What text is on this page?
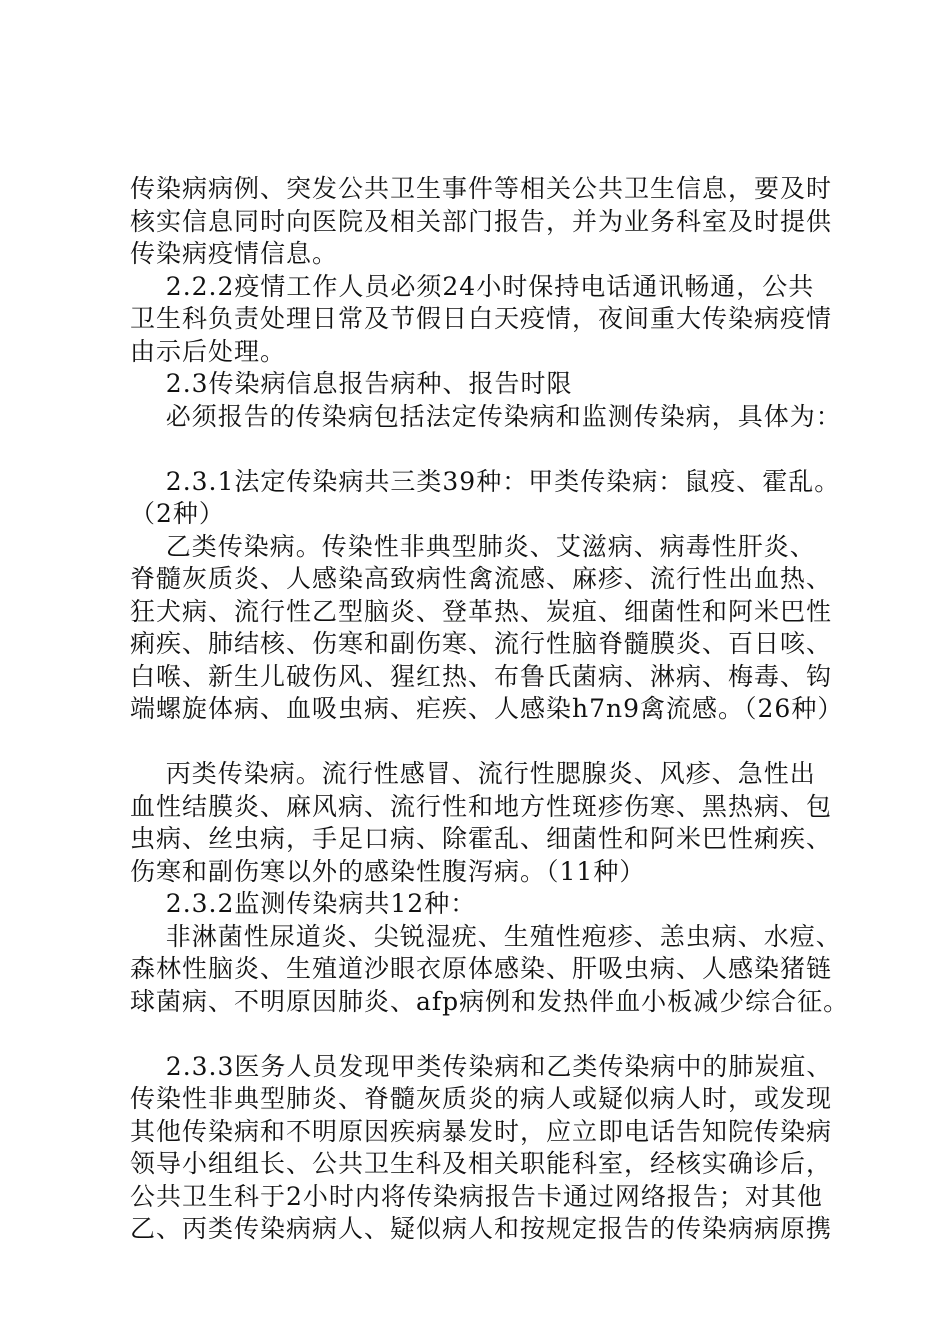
传染病病例、突发公共卫生事件等相关公共卫生信息，要及时
核实信息同时向医院及相关部门报告，并为业务科室及时提供
传染病疫情信息。
2.2.2疫情工作人员必须24小时保持电话通讯畅通，公共
卫生科负责处理日常及节假日白天疫情，夜间重大传染病疫情
由示后处理。
2.3传染病信息报告病种、报告时限
必须报告的传染病包括法定传染病和监测传染病，具体为：
2.3.1法定传染病共三类39种：甲类传染病：鼠疫、霍乱。
（2种）
乙类传染病。传染性非典型肺炎、艾滋病、病毒性肝炎、
脊髓灰质炎、人感染高致病性禽流感、麻疹、流行性出血热、
狂犬病、流行性乙型脑炎、登革热、炭疽、细菌性和阿米巴性
痢疾、肺结核、伤寒和副伤寒、流行性脑脊髓膜炎、百日咳、
白喉、新生儿破伤风、猩红热、布鲁氏菌病、淋病、梅毒、钩
端螺旋体病、血吸虫病、疟疾、人感染h7n9禽流感。（26种）
丙类传染病。流行性感冒、流行性腮腺炎、风疹、急性出
血性结膜炎、麻风病、流行性和地方性斑疹伤寒、黑热病、包
虫病、丝虫病，手足口病、除霍乱、细菌性和阿米巴性痢疾、
伤寒和副伤寒以外的感染性腹泻病。（11种）
2.3.2监测传染病共12种：
非淋菌性尿道炎、尖锐湿疣、生殖性疱疹、恙虫病、水痘、
森林性脑炎、生殖道沙眼衣原体感染、肝吸虫病、人感染猪链
球菌病、不明原因肺炎、afp病例和发热伴血小板减少综合征。
2.3.3医务人员发现甲类传染病和乙类传染病中的肺炭疽、
传染性非典型肺炎、脊髓灰质炎的病人或疑似病人时，或发现
其他传染病和不明原因疾病暴发时，应立即电话告知院传染病
领导小组组长、公共卫生科及相关职能科室，经核实确诊后，
公共卫生科于2小时内将传染病报告卡通过网络报告；对其他
乙、丙类传染病病人、疑似病人和按规定报告的传染病病原携
